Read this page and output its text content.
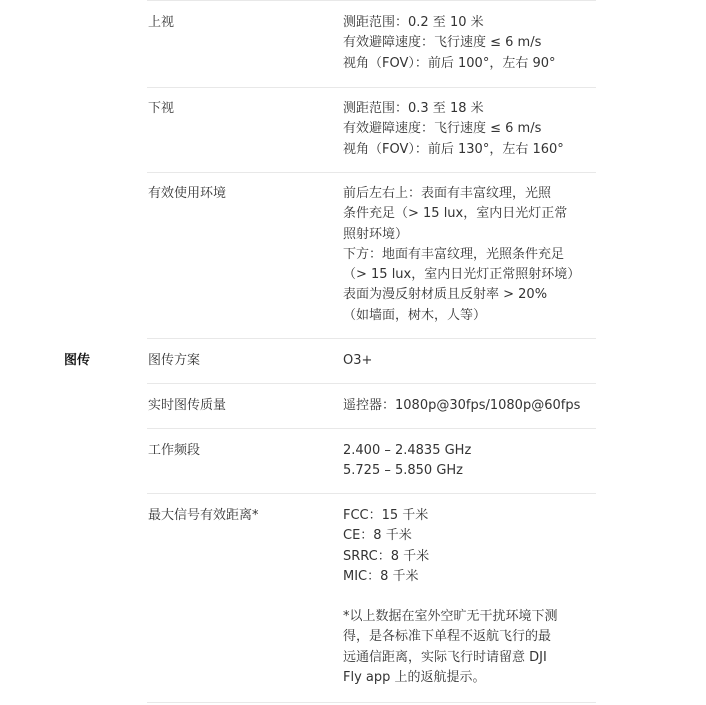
上视	测距范围：0.2 至 10 米
有效避障速度：飞行速度 ≤ 6 m/s
视角（FOV）：前后 100°，左右 90°
下视	测距范围：0.3 至 18 米
有效避障速度：飞行速度 ≤ 6 m/s
视角（FOV）：前后 130°，左右 160°
有效使用环境	前后左右上：表面有丰富纹理，光照
条件充足（> 15 lux，室内日光灯正常
照射环境）
下方：地面有丰富纹理，光照条件充足
（> 15 lux，室内日光灯正常照射环境）
表面为漫反射材质且反射率 > 20%
（如墙面，树木，人等）
图传	图传方案	O3+
实时图传质量	遥控器：1080p@30fps/1080p@60fps
工作频段	2.400 – 2.4835 GHz
5.725 – 5.850 GHz
最大信号有效距离*	FCC：15 千米
CE：8 千米
SRRC：8 千米
MIC：8 千米
*以上数据在室外空旷无干扰环境下测
得，是各标准下单程不返航飞行的最
远通信距离，实际飞行时请留意 DJI
Fly app 上的返航提示。
